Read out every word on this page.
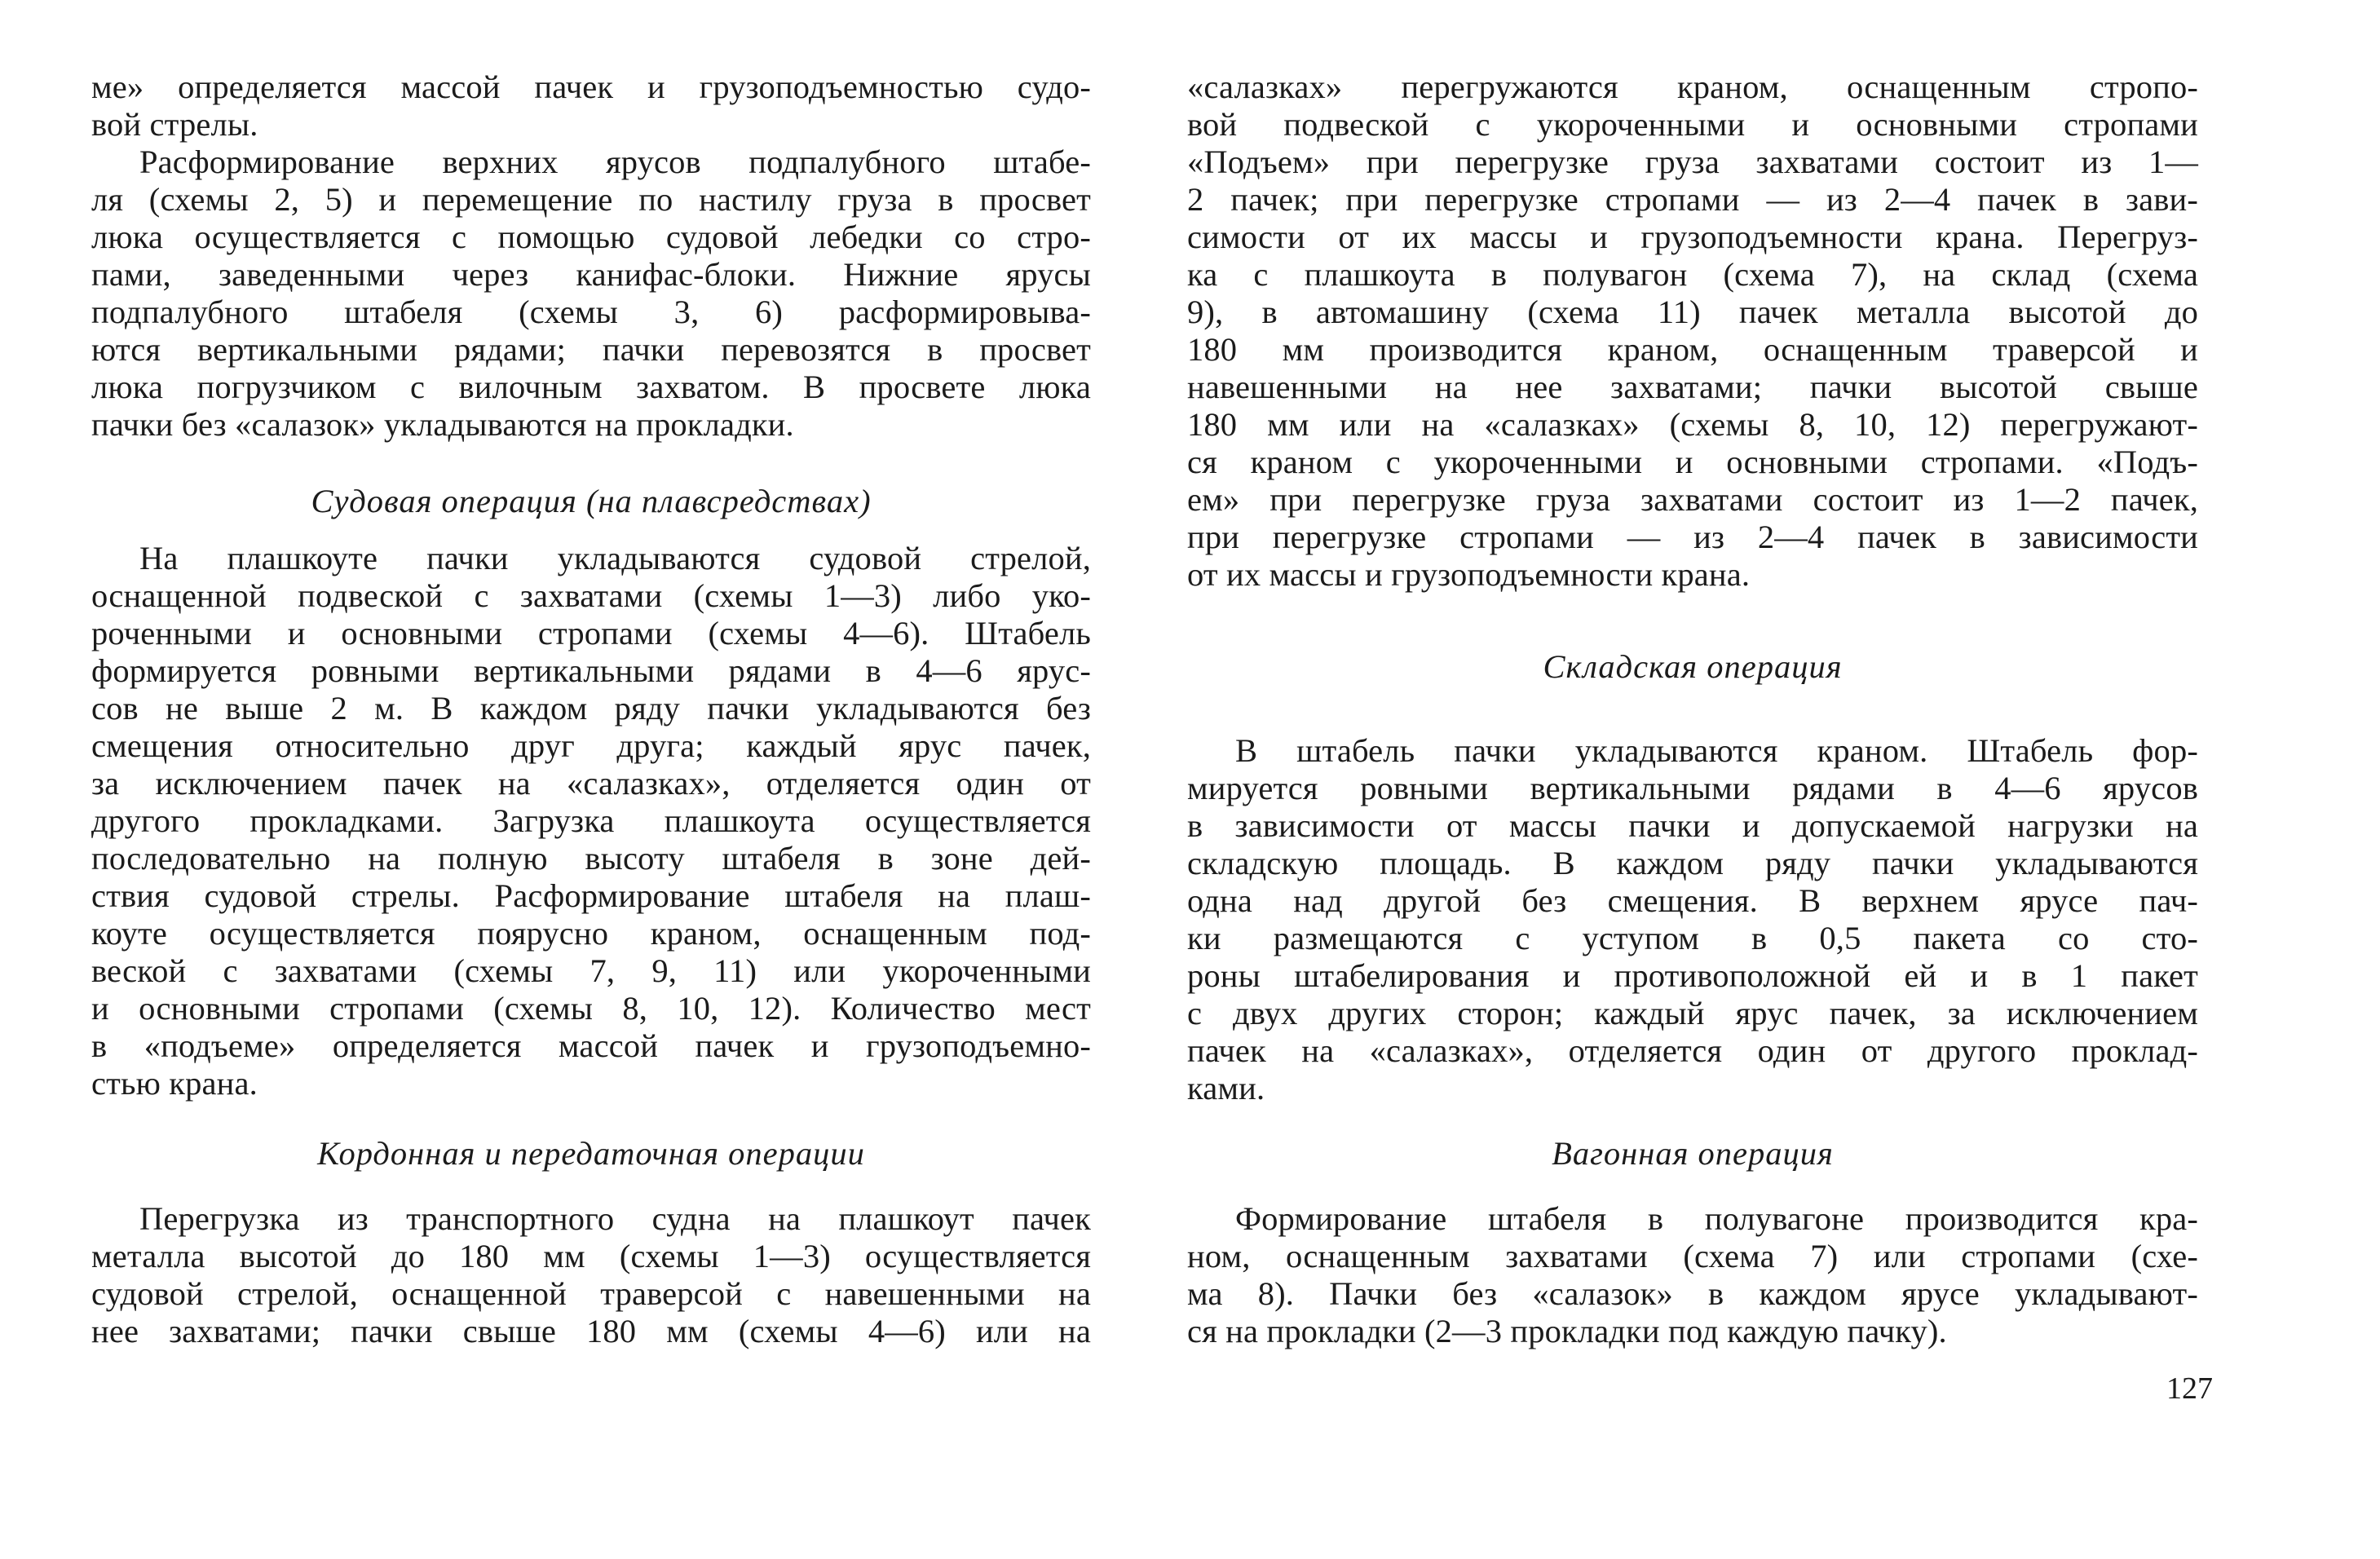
ме» определяется массой пачек и грузоподъемностью судо-
вой стрелы.
Расформирование верхних ярусов подпалубного штабе-
ля (схемы 2, 5) и перемещение по настилу груза в просвет
люка осуществляется с помощью судовой лебедки со стро-
пами, заведенными через канифас-блоки. Нижние ярусы
подпалубного штабеля (схемы 3, 6) расформировыва-
ются вертикальными рядами; пачки перевозятся в просвет
люка погрузчиком с вилочным захватом. В просвете люка
пачки без «салазок» укладываются на прокладки.
Судовая операция (на плавсредствах)
На плашкоуте пачки укладываются судовой стрелой,
оснащенной подвеской с захватами (схемы 1—3) либо уко-
роченными и основными стропами (схемы 4—6). Штабель
формируется ровными вертикальными рядами в 4—6 ярус-
сов не выше 2 м. В каждом ряду пачки укладываются без
смещения относительно друг друга; каждый ярус пачек,
за исключением пачек на «салазках», отделяется один от
другого прокладками. Загрузка плашкоута осуществляется
последовательно на полную высоту штабеля в зоне дей-
ствия судовой стрелы. Расформирование штабеля на плаш-
коуте осуществляется поярусно краном, оснащенным под-
веской с захватами (схемы 7, 9, 11) или укороченными
и основными стропами (схемы 8, 10, 12). Количество мест
в «подъеме» определяется массой пачек и грузоподъемно-
стью крана.
Кордонная и передаточная операции
Перегрузка из транспортного судна на плашкоут пачек
металла высотой до 180 мм (схемы 1—3) осуществляется
судовой стрелой, оснащенной траверсой с навешенными на
нее захватами; пачки свыше 180 мм (схемы 4—6) или на
«салазках» перегружаются краном, оснащенным стропо-
вой подвеской с укороченными и основными стропами
«Подъем» при перегрузке груза захватами состоит из 1—
2 пачек; при перегрузке стропами — из 2—4 пачек в зави-
симости от их массы и грузоподъемности крана. Перегруз-
ка с плашкоута в полувагон (схема 7), на склад (схема
9), в автомашину (схема 11) пачек металла высотой до
180 мм производится краном, оснащенным траверсой и
навешенными на нее захватами; пачки высотой свыше
180 мм или на «салазках» (схемы 8, 10, 12) перегружают-
ся краном с укороченными и основными стропами. «Подъ-
ем» при перегрузке груза захватами состоит из 1—2 пачек,
при перегрузке стропами — из 2—4 пачек в зависимости
от их массы и грузоподъемности крана.
Складская операция
В штабель пачки укладываются краном. Штабель фор-
мируется ровными вертикальными рядами в 4—6 ярусов
в зависимости от массы пачки и допускаемой нагрузки на
складскую площадь. В каждом ряду пачки укладываются
одна над другой без смещения. В верхнем ярусе пач-
ки размещаются с уступом в 0,5 пакета со сто-
роны штабелирования и противоположной ей и в 1 пакет
с двух других сторон; каждый ярус пачек, за исключением
пачек на «салазках», отделяется один от другого проклад-
ками.
Вагонная операция
Формирование штабеля в полувагоне производится кра-
ном, оснащенным захватами (схема 7) или стропами (схе-
ма 8). Пачки без «салазок» в каждом ярусе укладывают-
ся на прокладки (2—3 прокладки под каждую пачку).
127
